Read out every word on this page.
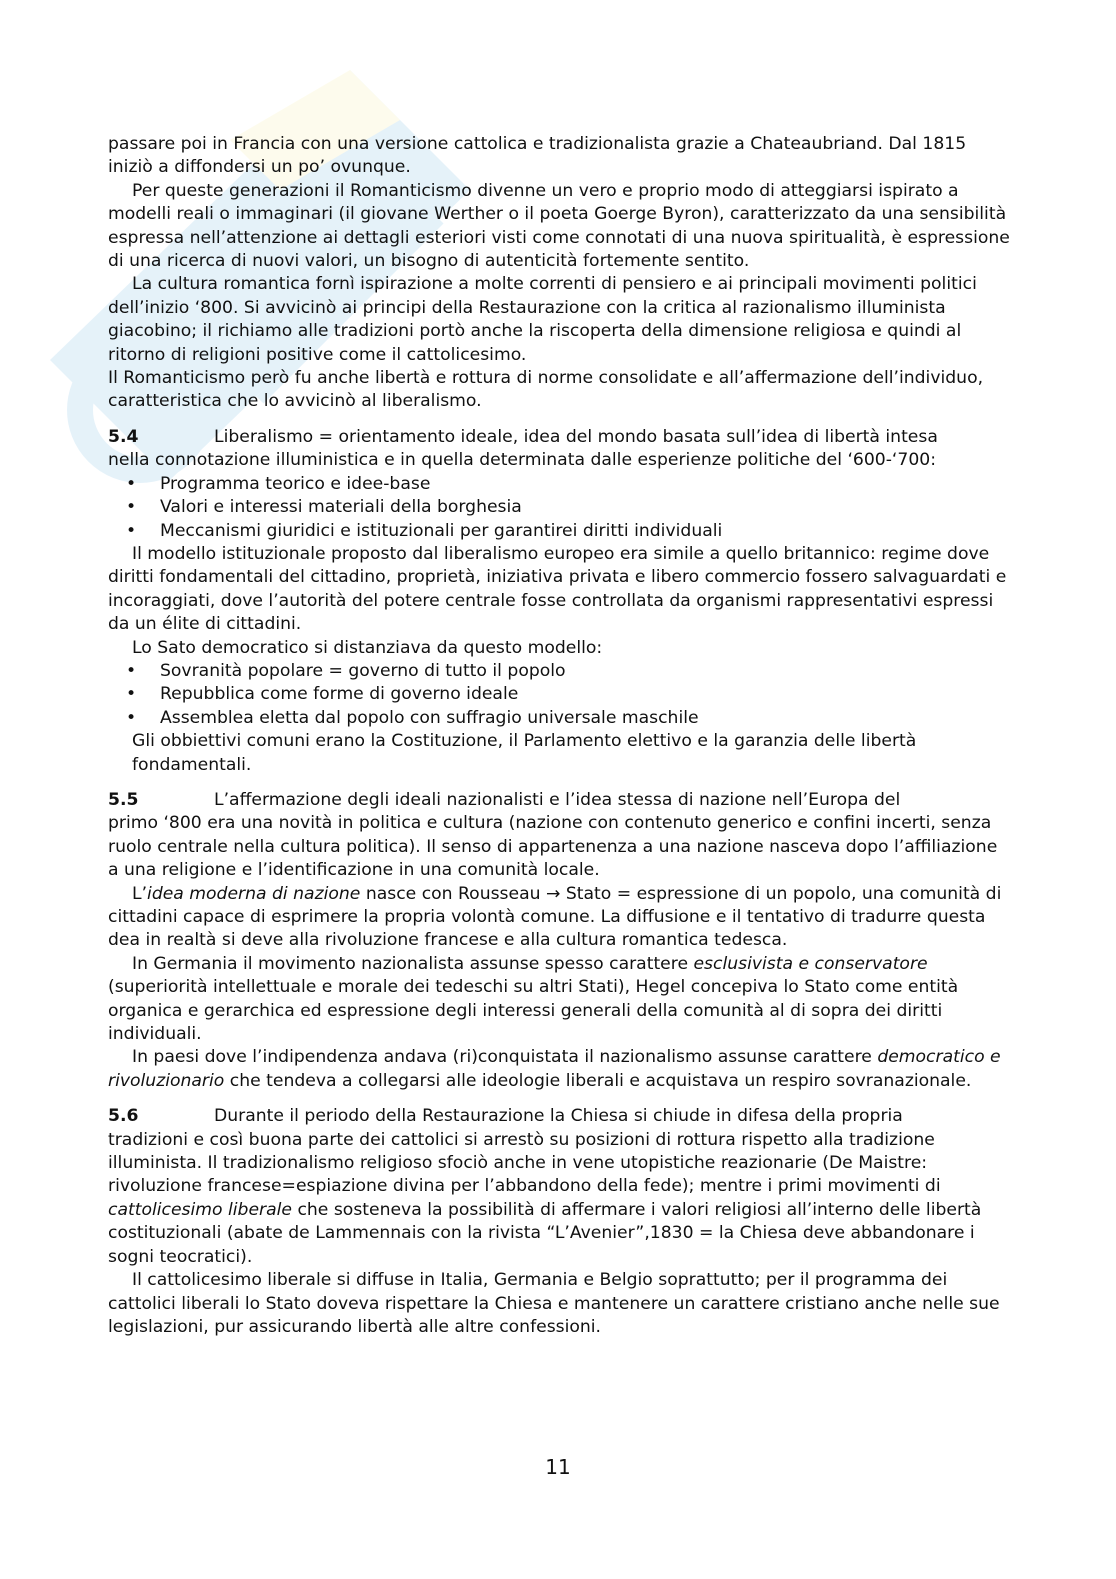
passare poi in Francia con una versione cattolica e tradizionalista grazie a Chateaubriand. Dal 1815 iniziò a diffondersi un po’ ovunque.

Per queste generazioni il Romanticismo divenne un vero e proprio modo di atteggiarsi ispirato a modelli reali o immaginari (il giovane Werther o il poeta Goerge Byron), caratterizzato da una sensibilità espressa nell’attenzione ai dettagli esteriori visti come connotati di una nuova spiritualità, è espressione di una ricerca di nuovi valori, un bisogno di autenticità fortemente sentito.

La cultura romantica fornì ispirazione a molte correnti di pensiero e ai principali movimenti politici dell’inizio ‘800. Si avvicinò ai principi della Restaurazione con la critica al razionalismo illuminista giacobino; il richiamo alle tradizioni portò anche la riscoperta della dimensione religiosa e quindi al ritorno di religioni positive come il cattolicesimo.

Il Romanticismo però fu anche libertà e rottura di norme consolidate e all’affermazione dell’individuo, caratteristica che lo avvicinò al liberalismo.

5.4	Liberalismo = orientamento ideale, idea del mondo basata sull’idea di libertà intesa

nella connotazione illuministica e in quella determinata dalle esperienze politiche del ‘600-‘700:

• Programma teorico e idee-base
• Valori e interessi materiali della borghesia
• Meccanismi giuridici e istituzionali per garantirei diritti individuali

Il modello istituzionale proposto dal liberalismo europeo era simile a quello britannico: regime dove diritti fondamentali del cittadino, proprietà, iniziativa privata e libero commercio fossero salvaguardati e incoraggiati, dove l’autorità del potere centrale fosse controllata da organismi rappresentativi espressi da un élite di cittadini.

Lo Sato democratico si distanziava da questo modello:

• Sovranità popolare = governo di tutto il popolo
• Repubblica come forme di governo ideale
• Assemblea eletta dal popolo con suffragio universale maschile

Gli obbiettivi comuni erano la Costituzione, il Parlamento elettivo e la garanzia delle libertà fondamentali.

5.5	L’affermazione degli ideali nazionalisti e l’idea stessa di nazione nell’Europa del

primo ‘800 era una novità in politica e cultura (nazione con contenuto generico e confini incerti, senza ruolo centrale nella cultura politica). Il senso di appartenenza a una nazione nasceva dopo l’affiliazione a una religione e l’identificazione in una comunità locale.

L’idea moderna di nazione nasce con Rousseau → Stato = espressione di un popolo, una comunità di cittadini capace di esprimere la propria volontà comune. La diffusione e il tentativo di tradurre questa dea in realtà si deve alla rivoluzione francese e alla cultura romantica tedesca.

In Germania il movimento nazionalista assunse spesso carattere esclusivista e conservatore (superiorità intellettuale e morale dei tedeschi su altri Stati), Hegel concepiva lo Stato come entità organica e gerarchica ed espressione degli interessi generali della comunità al di sopra dei diritti individuali.

In paesi dove l’indipendenza andava (ri)conquistata il nazionalismo assunse carattere democratico e rivoluzionario che tendeva a collegarsi alle ideologie liberali e acquistava un respiro sovranazionale.

5.6	Durante il periodo della Restaurazione la Chiesa si chiude in difesa della propria

tradizioni e così buona parte dei cattolici si arrestò su posizioni di rottura rispetto alla tradizione illuminista. Il tradizionalismo religioso sfociò anche in vene utopistiche reazionarie (De Maistre: rivoluzione francese=espiazione divina per l’abbandono della fede); mentre i primi movimenti di cattolicesimo liberale che sosteneva la possibilità di affermare i valori religiosi all’interno delle libertà costituzionali (abate de Lammennais con la rivista “L’Avenier”,1830 = la Chiesa deve abbandonare i sogni teocratici).

Il cattolicesimo liberale si diffuse in Italia, Germania e Belgio soprattutto; per il programma dei cattolici liberali lo Stato doveva rispettare la Chiesa e mantenere un carattere cristiano anche nelle sue legislazioni, pur assicurando libertà alle altre confessioni.

11
